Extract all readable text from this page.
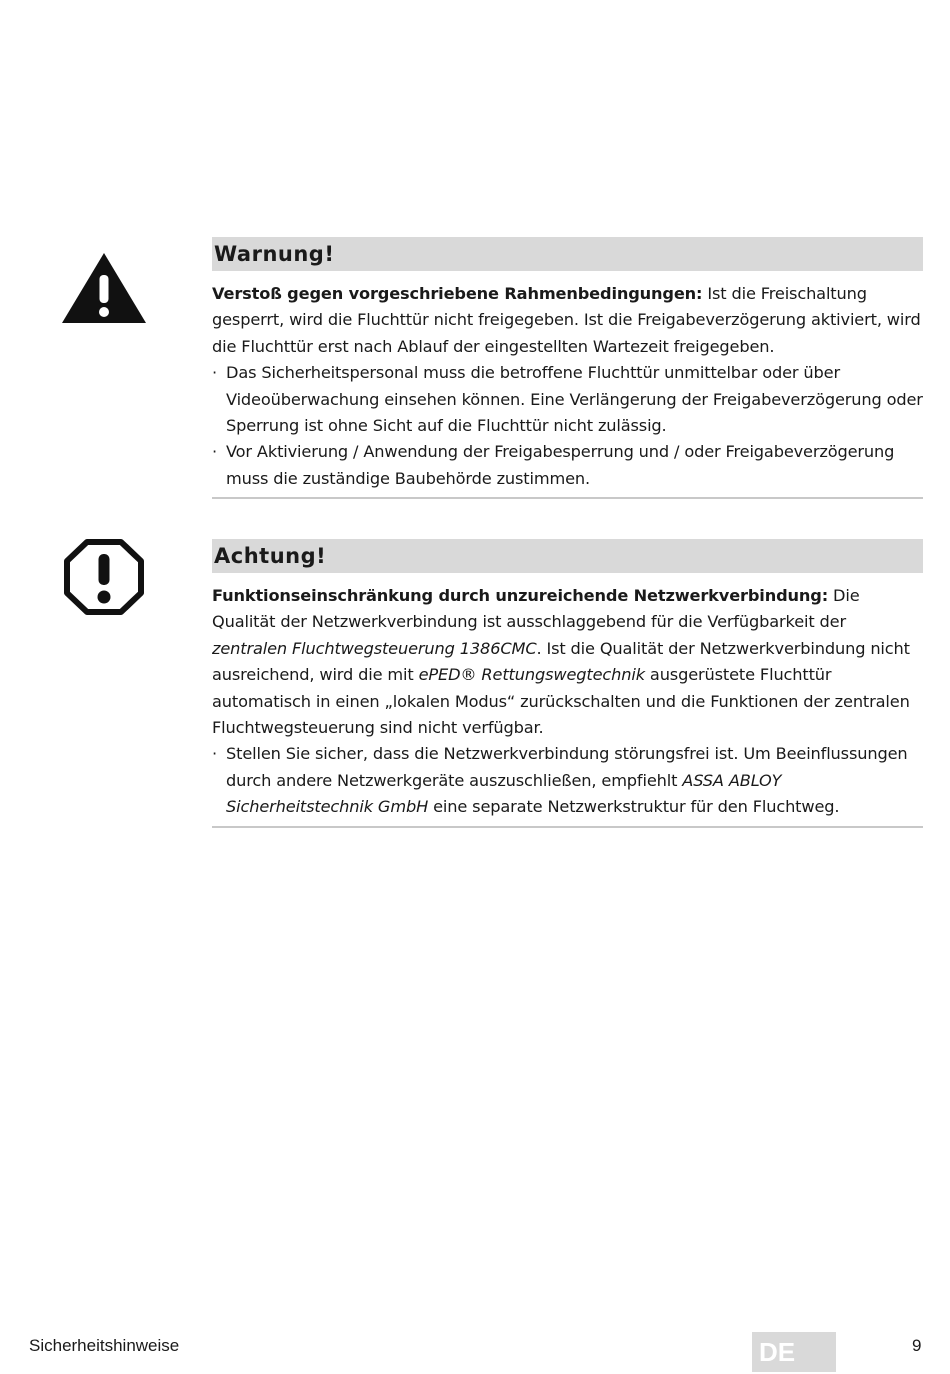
Warnung!

Verstoß gegen vorgeschriebene Rahmenbedingungen: Ist die Freischaltung gesperrt, wird die Fluchttür nicht freigegeben. Ist die Freigabeverzögerung aktiviert, wird die Fluchttür erst nach Ablauf der eingestellten Wartezeit freigegeben.

· Das Sicherheitspersonal muss die betroffene Fluchttür unmittelbar oder über Videoüberwachung einsehen können. Eine Verlängerung der Freigabeverzögerung oder Sperrung ist ohne Sicht auf die Fluchttür nicht zulässig.
· Vor Aktivierung / Anwendung der Freigabesperrung und / oder Freigabeverzögerung muss die zuständige Baubehörde zustimmen.
Achtung!

Funktionseinschränkung durch unzureichende Netzwerkverbindung: Die Qualität der Netzwerkverbindung ist ausschlaggebend für die Verfügbarkeit der zentralen Fluchtwegsteuerung 1386CMC. Ist die Qualität der Netzwerkverbindung nicht ausreichend, wird die mit ePED® Rettungswegtechnik ausgerüstete Fluchttür automatisch in einen „lokalen Modus“ zurückschalten und die Funktionen der zentralen Fluchtwegsteuerung sind nicht verfügbar.

· Stellen Sie sicher, dass die Netzwerkverbindung störungsfrei ist. Um Beeinflussungen durch andere Netzwerkgeräte auszuschließen, empfiehlt ASSA ABLOY Sicherheitstechnik GmbH eine separate Netzwerkstruktur für den Fluchtweg.
Sicherheitshinweise	DE	9
